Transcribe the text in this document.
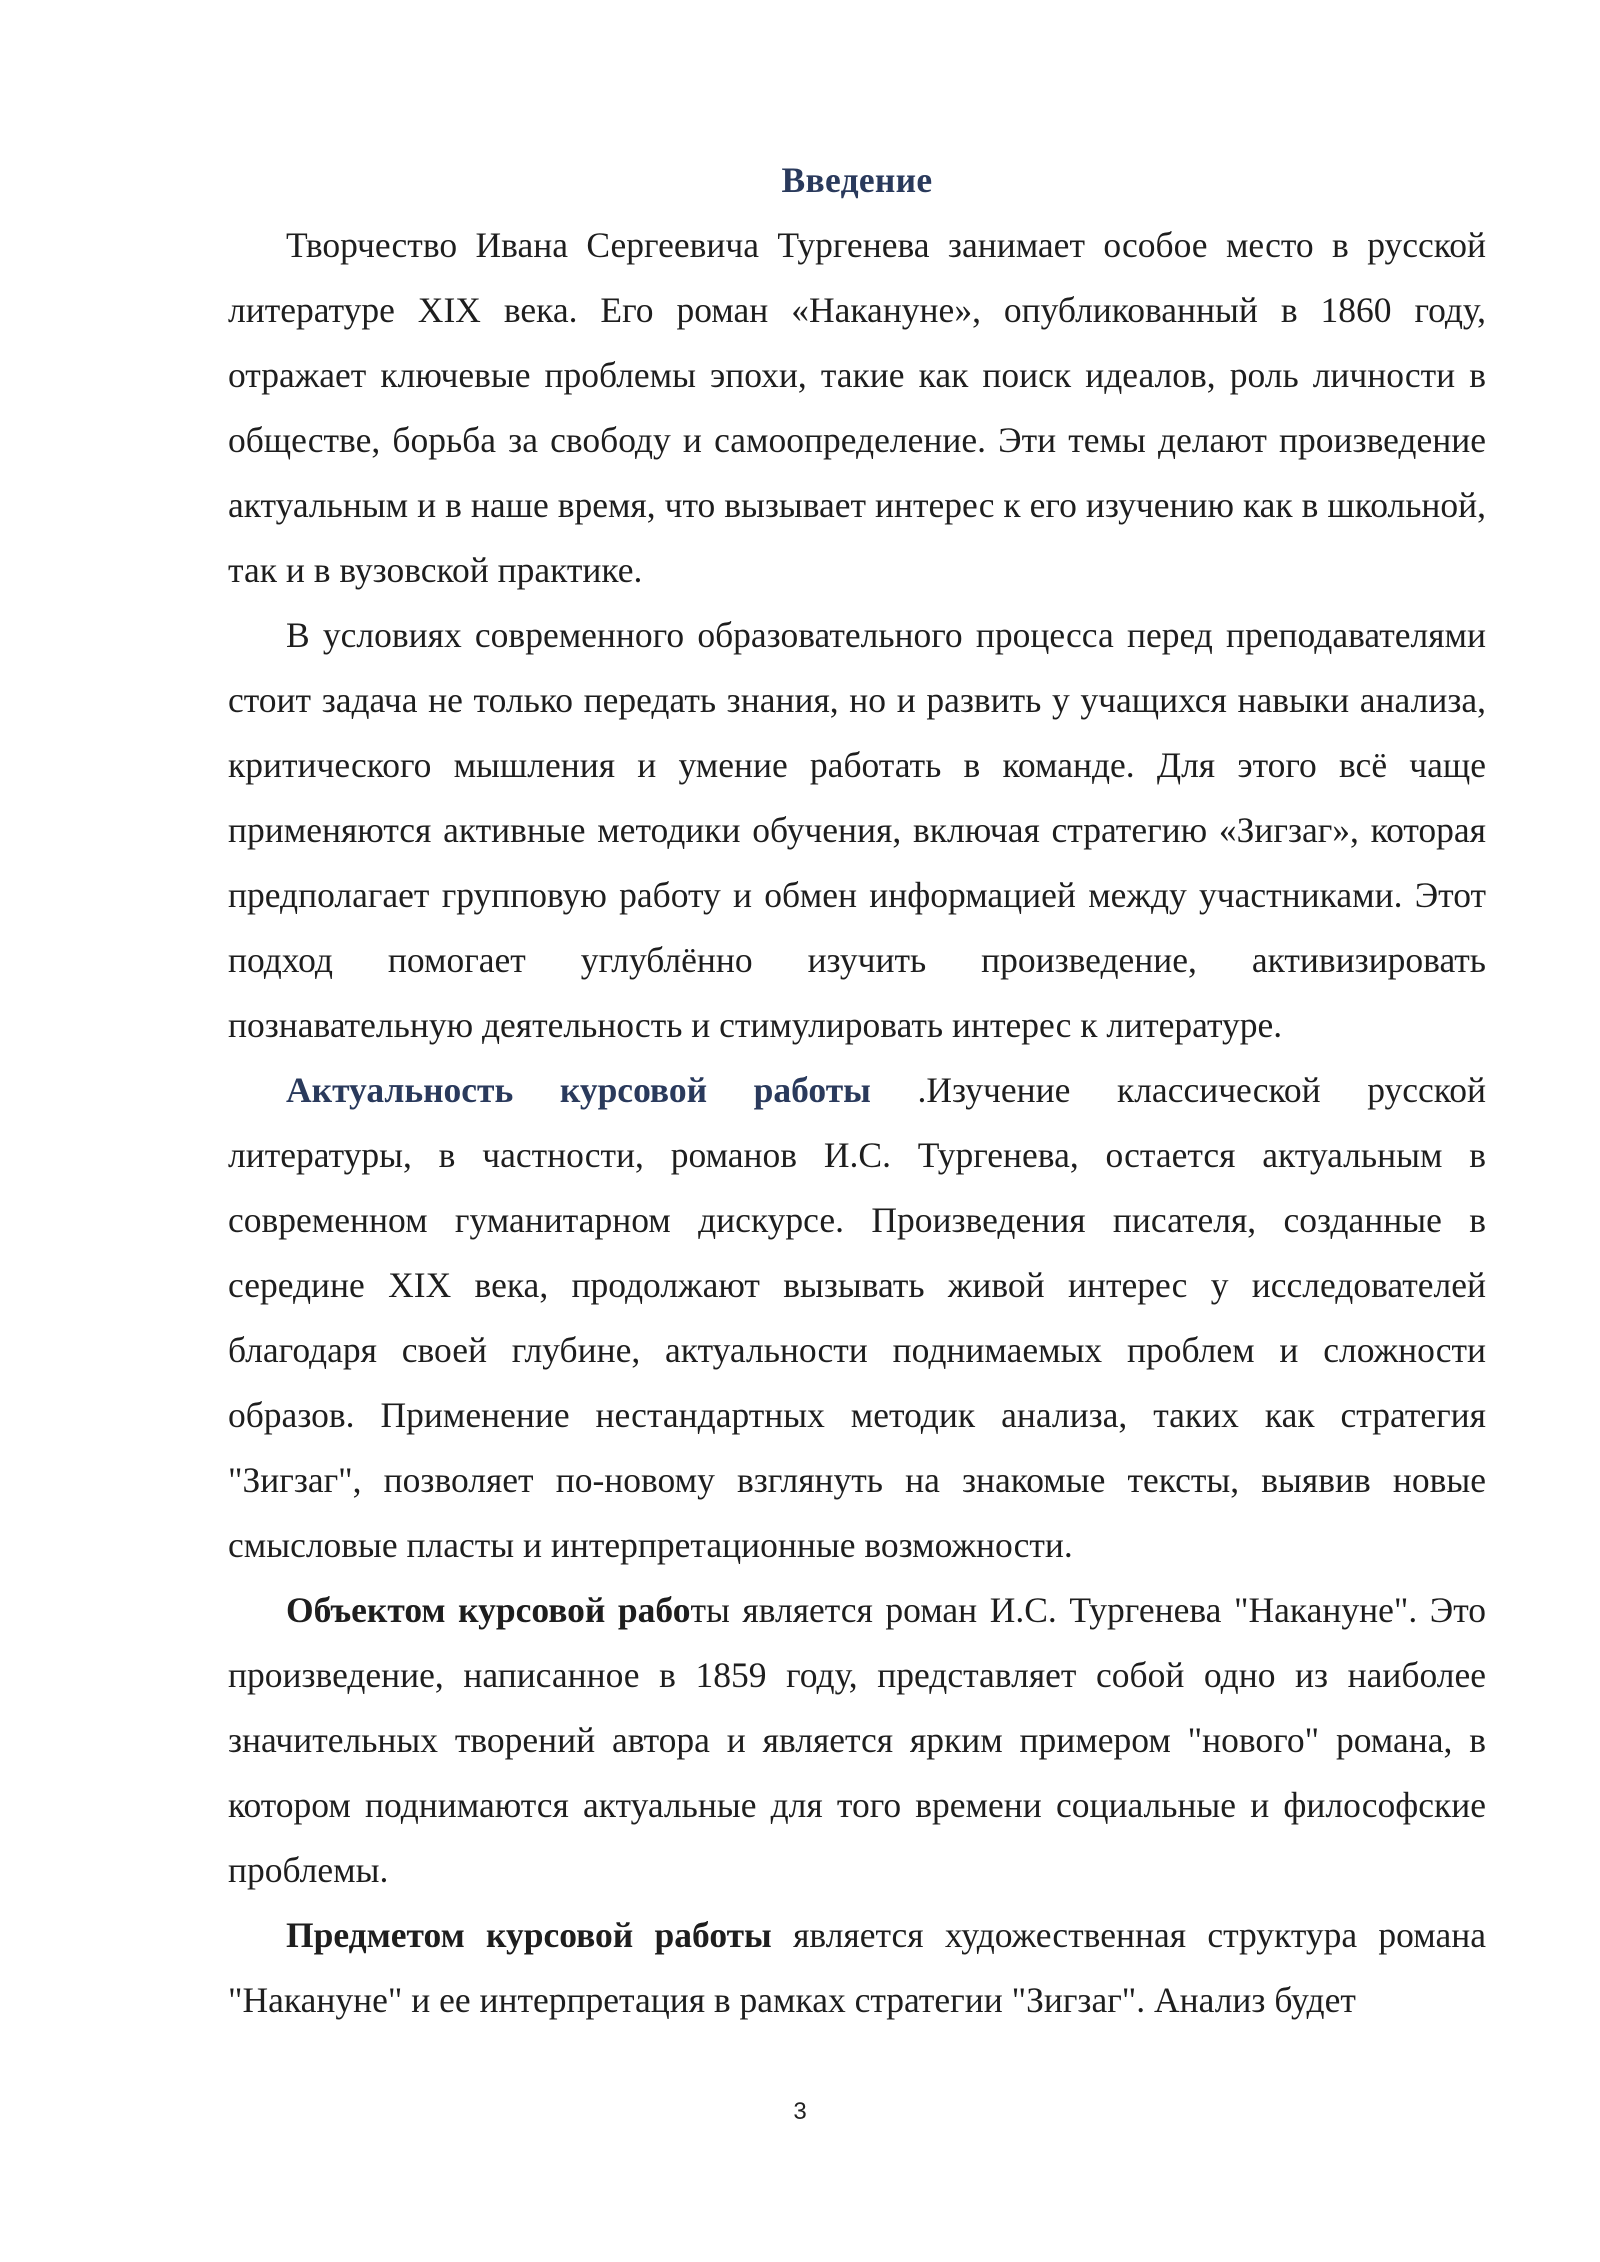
Введение

Творчество Ивана Сергеевича Тургенева занимает особое место в русской литературе XIX века. Его роман «Накануне», опубликованный в 1860 году, отражает ключевые проблемы эпохи, такие как поиск идеалов, роль личности в обществе, борьба за свободу и самоопределение. Эти темы делают произведение актуальным и в наше время, что вызывает интерес к его изучению как в школьной, так и в вузовской практике.

В условиях современного образовательного процесса перед преподавателями стоит задача не только передать знания, но и развить у учащихся навыки анализа, критического мышления и умение работать в команде. Для этого всё чаще применяются активные методики обучения, включая стратегию «Зигзаг», которая предполагает групповую работу и обмен информацией между участниками. Этот подход помогает углублённо изучить произведение, активизировать познавательную деятельность и стимулировать интерес к литературе.

Актуальность курсовой работы .Изучение классической русской литературы, в частности, романов И.С. Тургенева, остается актуальным в современном гуманитарном дискурсе. Произведения писателя, созданные в середине XIX века, продолжают вызывать живой интерес у исследователей благодаря своей глубине, актуальности поднимаемых проблем и сложности образов. Применение нестандартных методик анализа, таких как стратегия "Зигзаг", позволяет по-новому взглянуть на знакомые тексты, выявив новые смысловые пласты и интерпретационные возможности.

Объектом курсовой работы является роман И.С. Тургенева "Накануне". Это произведение, написанное в 1859 году, представляет собой одно из наиболее значительных творений автора и является ярким примером "нового" романа, в котором поднимаются актуальные для того времени социальные и философские проблемы.

Предметом курсовой работы является художественная структура романа "Накануне" и ее интерпретация в рамках стратегии "Зигзаг". Анализ будет

3
